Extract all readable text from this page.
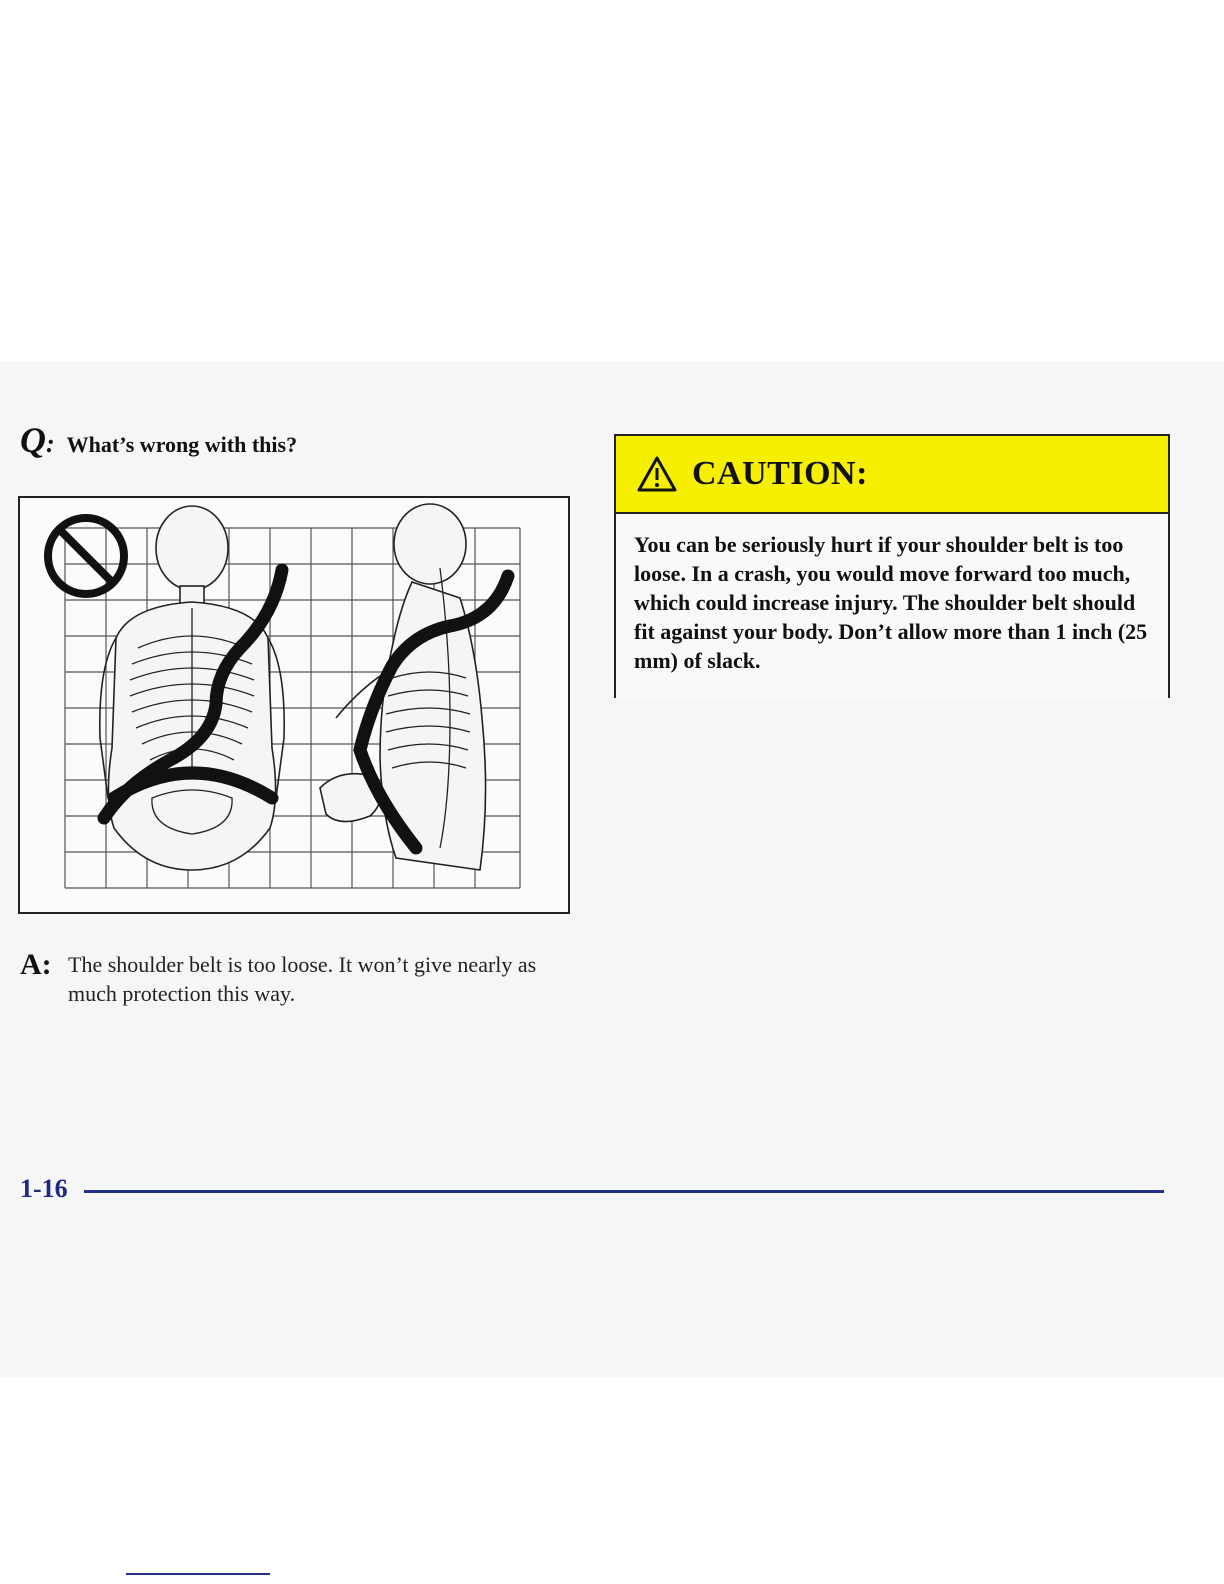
Q : What’s wrong with this?
A: The shoulder belt is too loose. It won’t give nearly as much protection this way.
CAUTION:
You can be seriously hurt if your shoulder belt is too loose. In a crash, you would move forward too much, which could increase injury. The shoulder belt should fit against your body. Don’t allow more than 1 inch (25 mm) of slack.
1-16
